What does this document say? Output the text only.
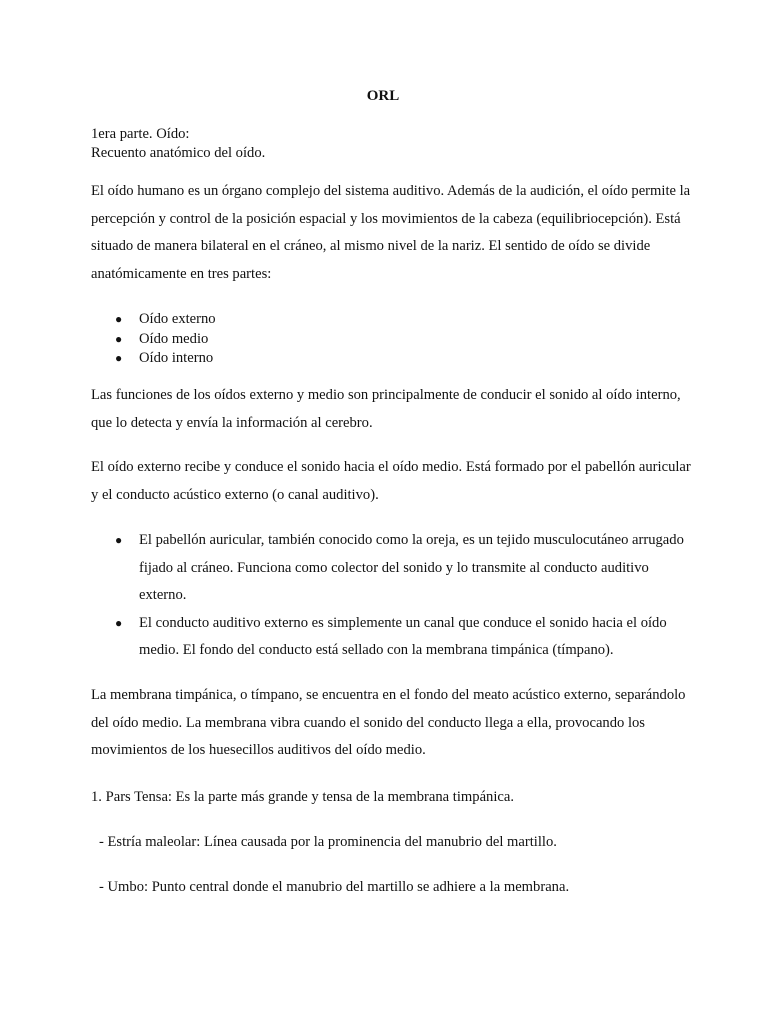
ORL
1era parte. Oído:
Recuento anatómico del oído.
El oído humano es un órgano complejo del sistema auditivo. Además de la audición, el oído permite la percepción y control de la posición espacial y los movimientos de la cabeza (equilibriocepción). Está situado de manera bilateral en el cráneo, al mismo nivel de la nariz. El sentido de oído se divide anatómicamente en tres partes:
● Oído externo
● Oído medio
● Oído interno
Las funciones de los oídos externo y medio son principalmente de conducir el sonido al oído interno, que lo detecta y envía la información al cerebro.
El oído externo recibe y conduce el sonido hacia el oído medio. Está formado por el pabellón auricular y el conducto acústico externo (o canal auditivo).
● El pabellón auricular, también conocido como la oreja, es un tejido musculocutáneo arrugado fijado al cráneo. Funciona como colector del sonido y lo transmite al conducto auditivo externo.
● El conducto auditivo externo es simplemente un canal que conduce el sonido hacia el oído medio. El fondo del conducto está sellado con la membrana timpánica (tímpano).
La membrana timpánica, o tímpano, se encuentra en el fondo del meato acústico externo, separándolo del oído medio. La membrana vibra cuando el sonido del conducto llega a ella, provocando los movimientos de los huesecillos auditivos del oído medio.
1. Pars Tensa: Es la parte más grande y tensa de la membrana timpánica.
- Estría maleolar: Línea causada por la prominencia del manubrio del martillo.
- Umbo: Punto central donde el manubrio del martillo se adhiere a la membrana.
